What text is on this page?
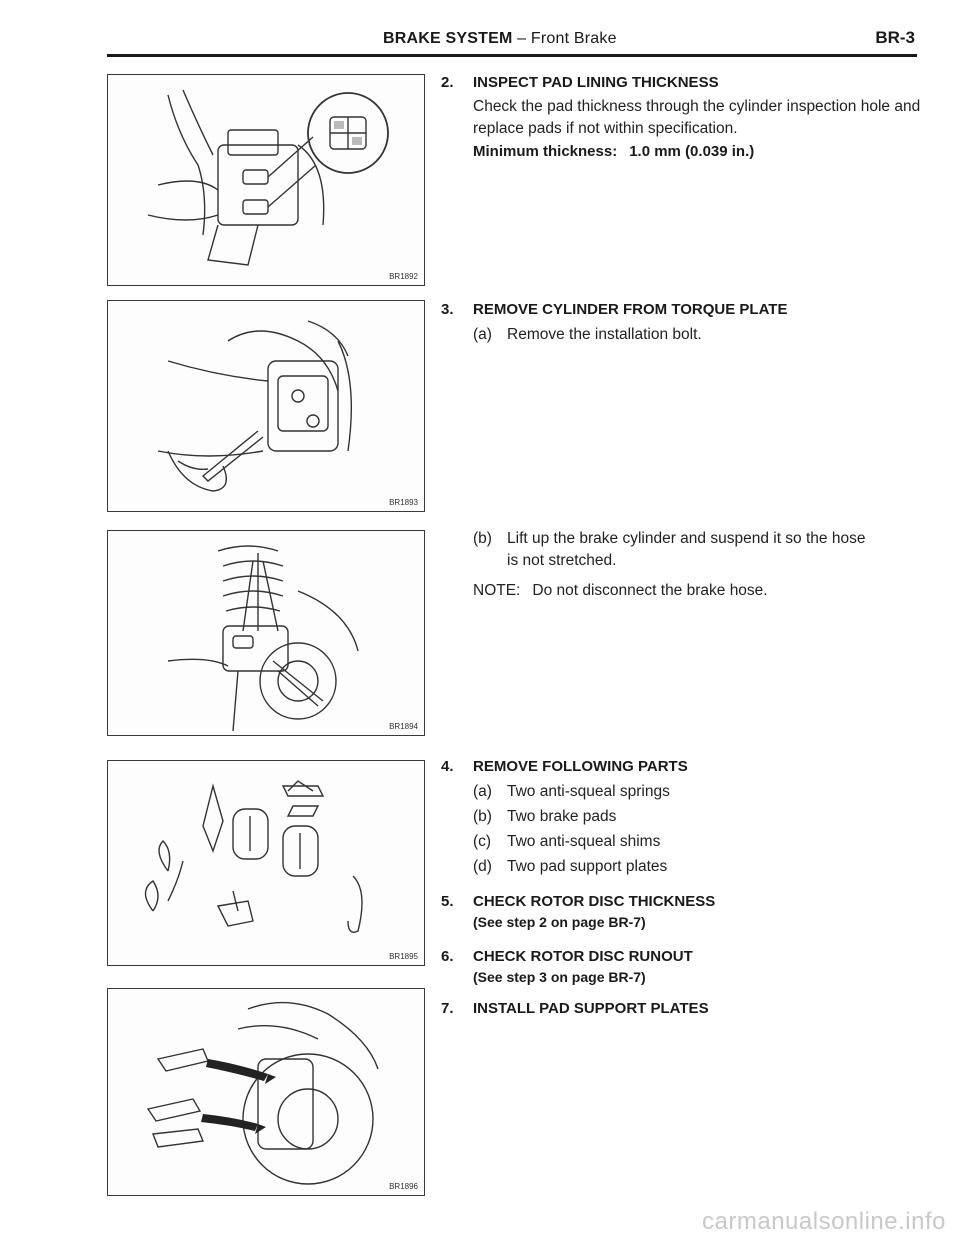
BRAKE SYSTEM – Front Brake	BR-3
BR1892
BR1893
BR1894
BR1895
BR1896
2. INSPECT PAD LINING THICKNESS
Check the pad thickness through the cylinder inspection hole and replace pads if not within specification.
Minimum thickness: 1.0 mm (0.039 in.)
3. REMOVE CYLINDER FROM TORQUE PLATE
(a) Remove the installation bolt.
(b) Lift up the brake cylinder and suspend it so the hose
is not stretched.
NOTE: Do not disconnect the brake hose.
4. REMOVE FOLLOWING PARTS
(a) Two anti-squeal springs
(b) Two brake pads
(c) Two anti-squeal shims
(d) Two pad support plates
5. CHECK ROTOR DISC THICKNESS
(See step 2 on page BR-7)
6. CHECK ROTOR DISC RUNOUT
(See step 3 on page BR-7)
7. INSTALL PAD SUPPORT PLATES
carmanualsonline.info
